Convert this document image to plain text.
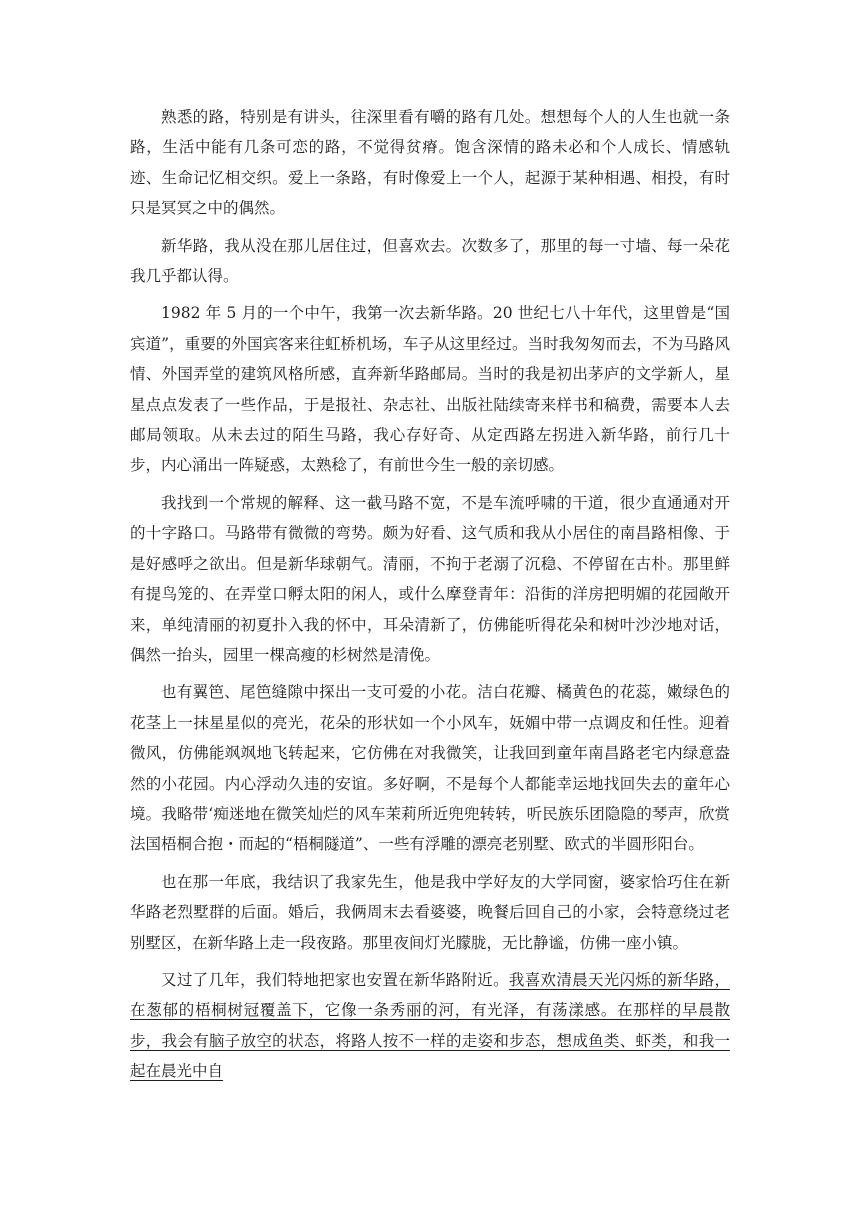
熟悉的路，特别是有讲头，往深里看有嚼的路有几处。想想每个人的人生也就一条路，生活中能有几条可恋的路，不觉得贫瘠。饱含深情的路未必和个人成长、情感轨迹、生命记忆相交织。爱上一条路，有时像爱上一个人，起源于某种相遇、相投，有时只是冥冥之中的偶然。

新华路，我从没在那儿居住过，但喜欢去。次数多了，那里的每一寸墙、每一朵花我几乎都认得。

1982 年 5 月的一个中午，我第一次去新华路。20 世纪七八十年代，这里曾是“国宾道”，重要的外国宾客来往虹桥机场，车子从这里经过。当时我匆匆而去，不为马路风情、外国弄堂的建筑风格所感，直奔新华路邮局。当时的我是初出茅庐的文学新人，星星点点发表了一些作品，于是报社、杂志社、出版社陆续寄来样书和稿费，需要本人去邮局领取。从未去过的陌生马路，我心存好奇、从定西路左拐进入新华路，前行几十步，内心涌出一阵疑惑，太熟稔了，有前世今生一般的亲切感。

我找到一个常规的解释、这一截马路不宽，不是车流呼啸的干道，很少直通通对开的十字路口。马路带有微微的弯势。颇为好看、这气质和我从小居住的南昌路相像、于是好感呼之欲出。但是新华球朝气。清丽，不拘于老溺了沉稳、不停留在古朴。那里鲜有提鸟笼的、在弄堂口孵太阳的闲人，或什么摩登青年：沿街的洋房把明媚的花园敞开来，单纯清丽的初夏扑入我的怀中，耳朵清新了，仿佛能听得花朵和树叶沙沙地对话，偶然一抬头，园里一棵高瘦的杉树然是清俛。

也有翼笆、尾笆缝隙中探出一支可爱的小花。洁白花瓣、橘黄色的花蕊，嫩绿色的花茎上一抹星星似的亮光，花朵的形状如一个小风车，妩媚中带一点调皮和任性。迎着微风，仿佛能飒飒地飞转起来，它仿佛在对我微笑，让我回到童年南昌路老宅内绿意盎然的小花园。内心浮动久违的安谊。多好啊，不是每个人都能幸运地找回失去的童年心境。我略带‘痴迷地在微笑灿烂的风车茉莉所近兜兜转转，听民族乐团隐隐的琴声，欣赏法国梧桐合抱・而起的“梧桐隧道”、一些有浮雕的漂亮老别墅、欧式的半圆形阳台。

也在那一年底，我结识了我家先生，他是我中学好友的大学同窗，婆家恰巧住在新华路老烈墅群的后面。婚后，我俩周末去看婆婆，晚餐后回自己的小家，会特意绕过老别墅区，在新华路上走一段夜路。那里夜间灯光朦胧，无比静谧，仿佛一座小镇。

又过了几年，我们特地把家也安置在新华路附近。我喜欢清晨天光闪烁的新华路，在葱郁的梧桐树冠覆盖下，它像一条秀丽的河，有光泽，有荡漾感。在那样的早晨散步，我会有脑子放空的状态，将路人按不一样的走姿和步态，想成鱼类、虾类，和我一起在晨光中自
